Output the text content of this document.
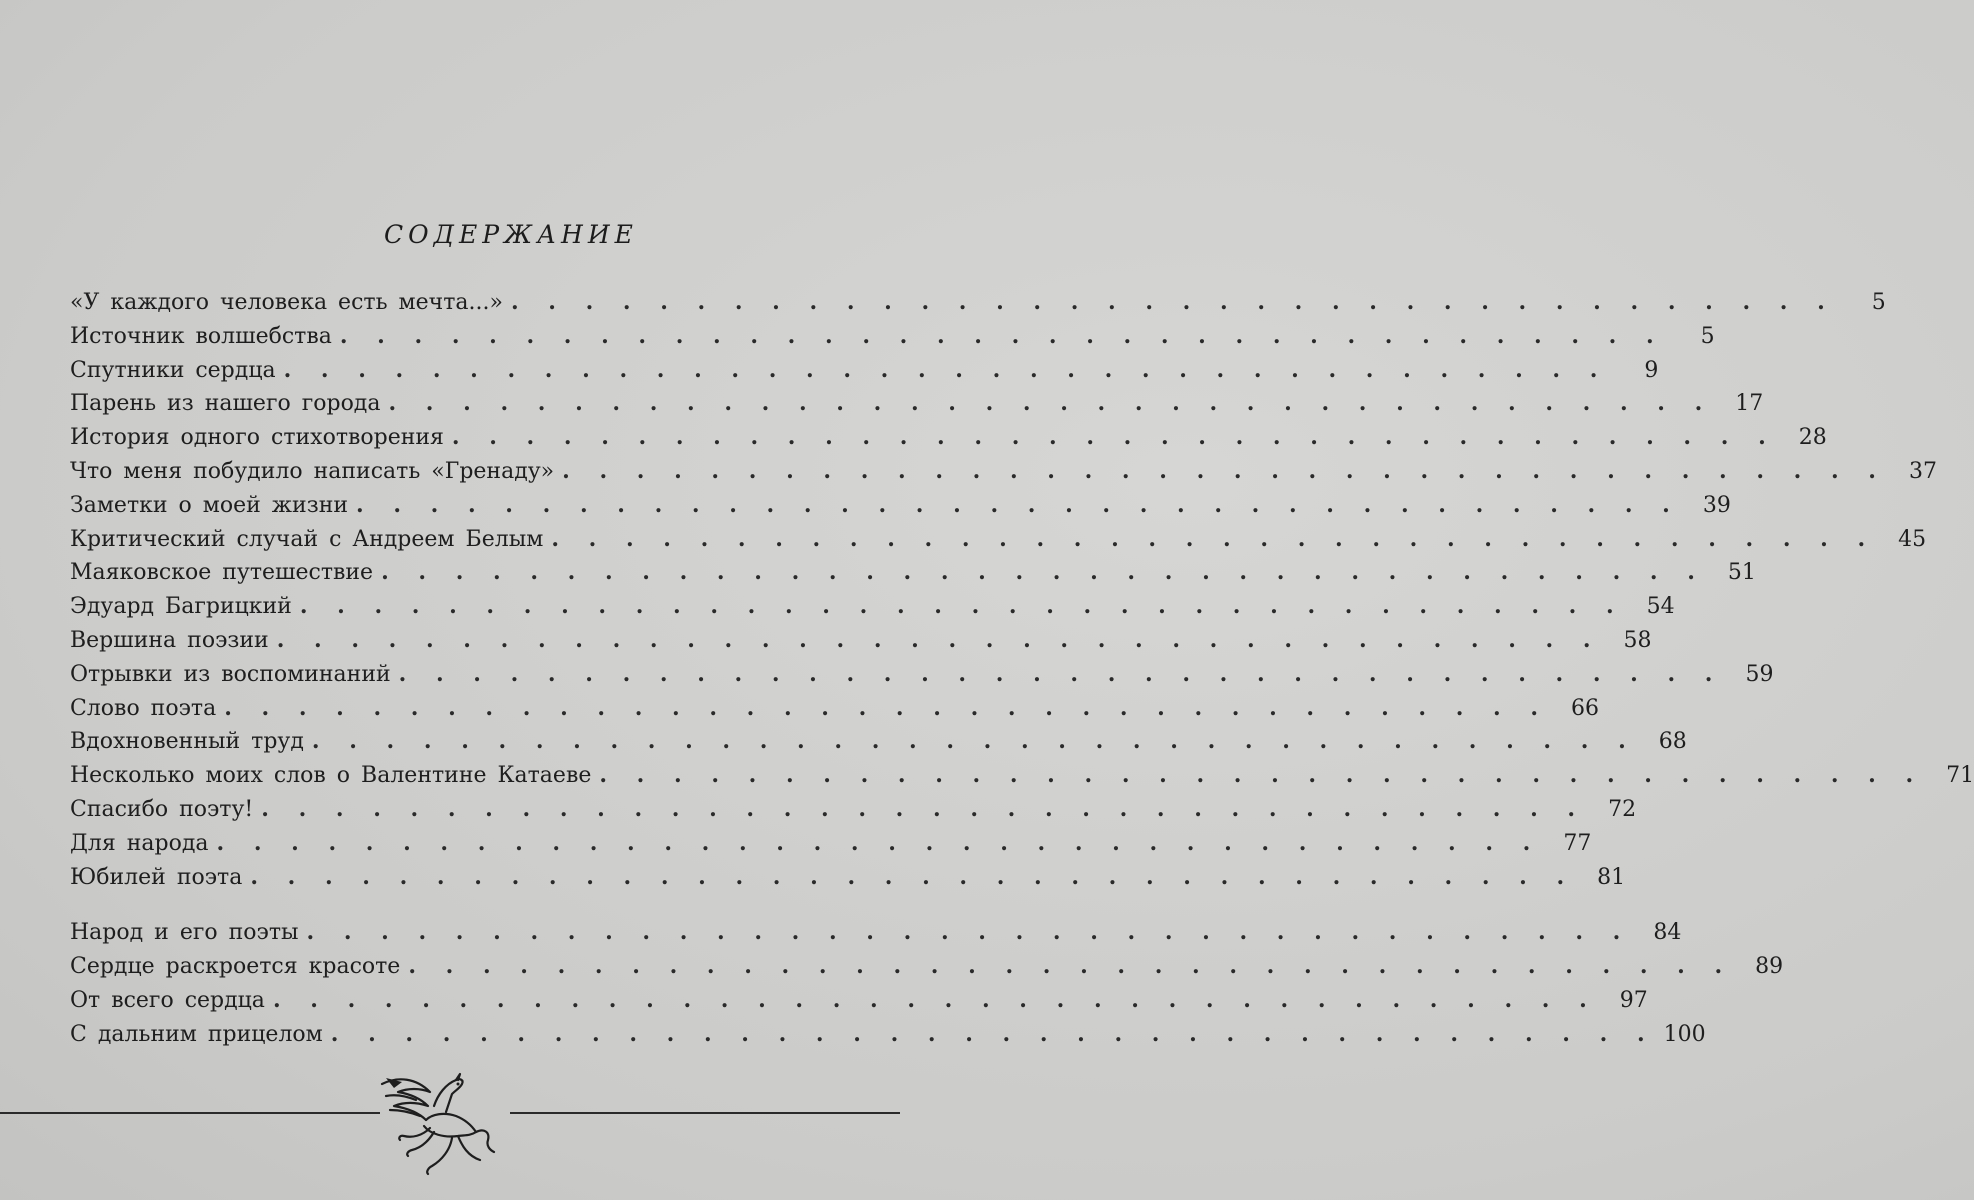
СОДЕРЖАНИЕ
«У каждого человека есть мечта...» . . . . . . . . . . . . . . . . . . . . . . . . . . . . . . . . . . . .	5
Источник волшебства . . . . . . . . . . . . . . . . . . . . . . . . . . . . . . . . . . . .	5
Спутники сердца . . . . . . . . . . . . . . . . . . . . . . . . . . . . . . . . . . . .	9
Парень из нашего города . . . . . . . . . . . . . . . . . . . . . . . . . . . . . . . . . . . .	17
История одного стихотворения . . . . . . . . . . . . . . . . . . . . . . . . . . . . . . . . . . . .	28
Что меня побудило написать «Гренаду» . . . . . . . . . . . . . . . . . . . . . . . . . . . . . . . . . . . .	37
Заметки о моей жизни . . . . . . . . . . . . . . . . . . . . . . . . . . . . . . . . . . . .	39
Критический случай с Андреем Белым . . . . . . . . . . . . . . . . . . . . . . . . . . . . . . . . . . . .	45
Маяковское путешествие . . . . . . . . . . . . . . . . . . . . . . . . . . . . . . . . . . . .	51
Эдуард Багрицкий . . . . . . . . . . . . . . . . . . . . . . . . . . . . . . . . . . . .	54
Вершина поэзии . . . . . . . . . . . . . . . . . . . . . . . . . . . . . . . . . . . .	58
Отрывки из воспоминаний . . . . . . . . . . . . . . . . . . . . . . . . . . . . . . . . . . . .	59
Слово поэта . . . . . . . . . . . . . . . . . . . . . . . . . . . . . . . . . . . .	66
Вдохновенный труд . . . . . . . . . . . . . . . . . . . . . . . . . . . . . . . . . . . .	68
Несколько моих слов о Валентине Катаеве . . . . . . . . . . . . . . . . . . . . . . . . . . . . . . . . . . . .	71
Спасибо поэту! . . . . . . . . . . . . . . . . . . . . . . . . . . . . . . . . . . . .	72
Для народа . . . . . . . . . . . . . . . . . . . . . . . . . . . . . . . . . . . .	77
Юбилей поэта . . . . . . . . . . . . . . . . . . . . . . . . . . . . . . . . . . . .	81
Народ и его поэты . . . . . . . . . . . . . . . . . . . . . . . . . . . . . . . . . . . .	84
Сердце раскроется красоте . . . . . . . . . . . . . . . . . . . . . . . . . . . . . . . . . . . .	89
От всего сердца . . . . . . . . . . . . . . . . . . . . . . . . . . . . . . . . . . . .	97
С дальним прицелом . . . . . . . . . . . . . . . . . . . . . . . . . . . . . . . . . . . . 100
